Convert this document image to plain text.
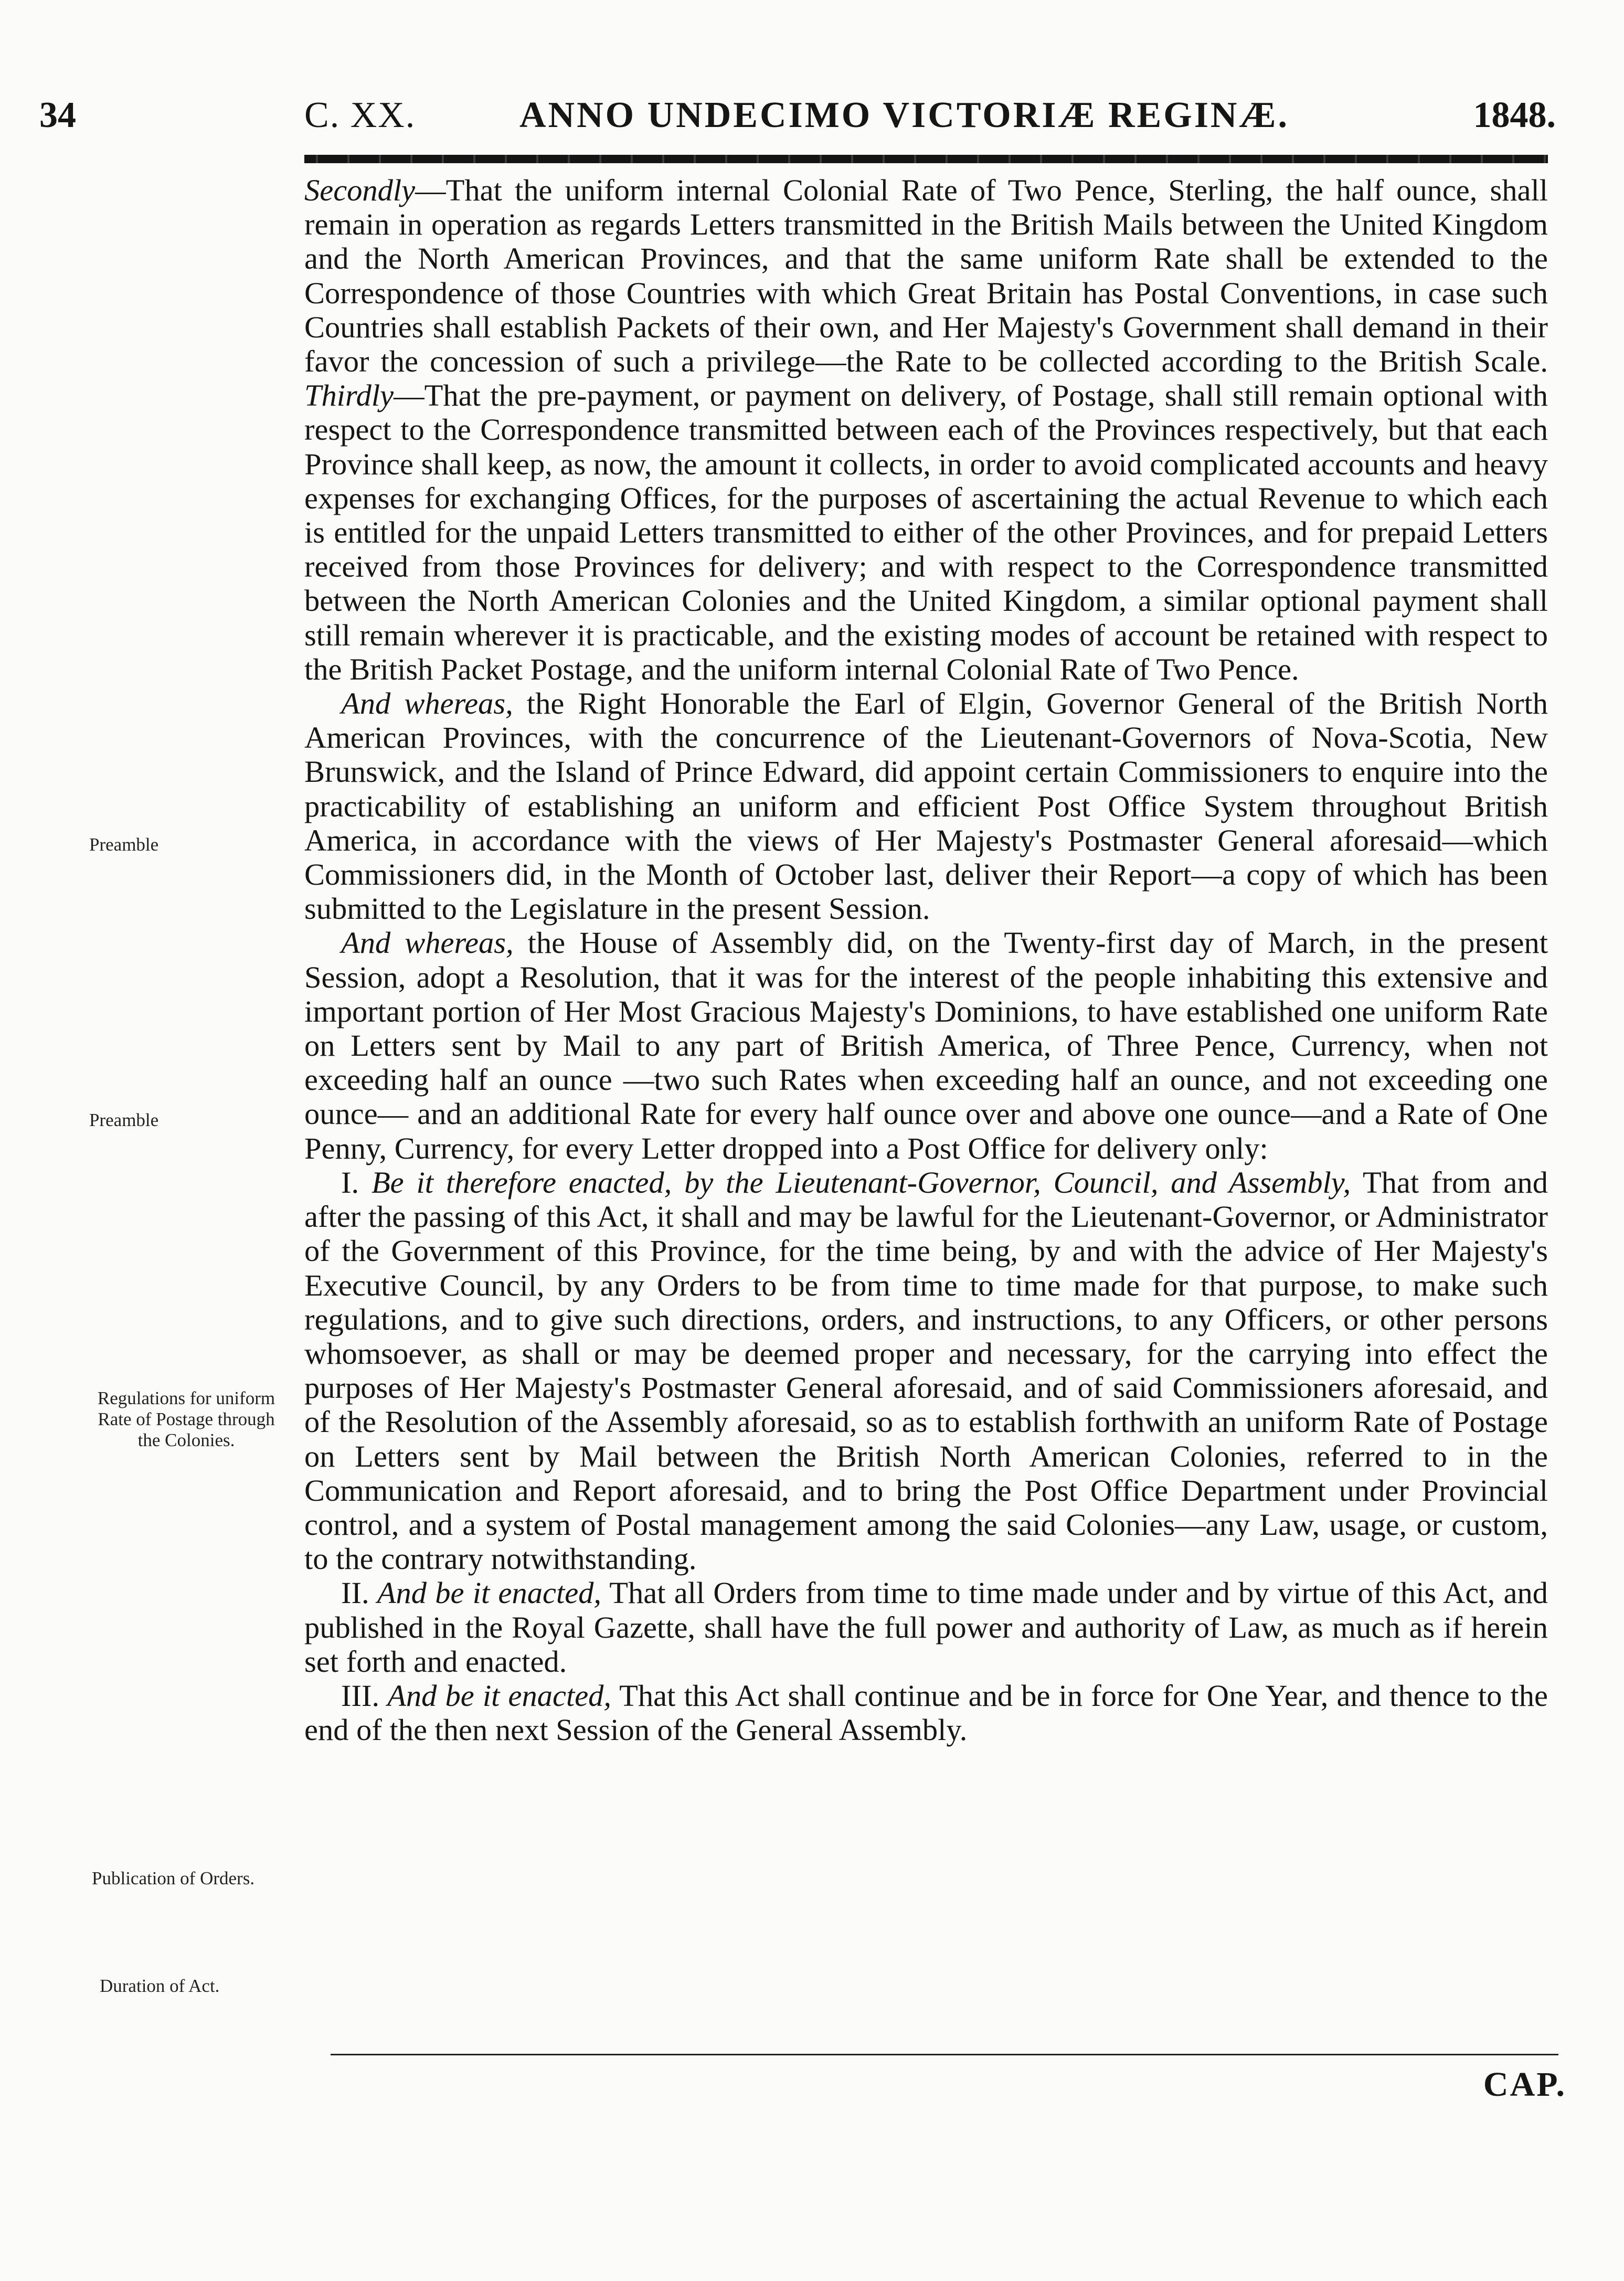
34	C. XX.	ANNO UNDECIMO VICTORIÆ REGINÆ.	1848.

Secondly—That the uniform internal Colonial Rate of Two Pence, Sterling, the half ounce, shall remain in operation as regards Letters transmitted in the British Mails between the United Kingdom and the North American Provinces, and that the same uniform Rate shall be extended to the Correspondence of those Countries with which Great Britain has Postal Conventions, in case such Countries shall establish Packets of their own, and Her Majesty's Government shall demand in their favor the concession of such a privilege—the Rate to be collected according to the British Scale. Thirdly—That the pre-payment, or payment on delivery, of Postage, shall still remain optional with respect to the Correspondence transmitted between each of the Provinces respectively, but that each Province shall keep, as now, the amount it collects, in order to avoid complicated accounts and heavy expenses for exchanging Offices, for the purposes of ascertaining the actual Revenue to which each is entitled for the unpaid Letters transmitted to either of the other Provinces, and for prepaid Letters received from those Provinces for delivery; and with respect to the Correspondence transmitted between the North American Colonies and the United Kingdom, a similar optional payment shall still remain wherever it is practicable, and the existing modes of account be retained with respect to the British Packet Postage, and the uniform internal Colonial Rate of Two Pence.

And whereas, the Right Honorable the Earl of Elgin, Governor General of the British North American Provinces, with the concurrence of the Lieutenant-Governors of Nova-Scotia, New Brunswick, and the Island of Prince Edward, did appoint certain Commissioners to enquire into the practicability of establishing an uniform and efficient Post Office System throughout British America, in accordance with the views of Her Majesty's Postmaster General aforesaid—which Commissioners did, in the Month of October last, deliver their Report—a copy of which has been submitted to the Legislature in the present Session.

And whereas, the House of Assembly did, on the Twenty-first day of March, in the present Session, adopt a Resolution, that it was for the interest of the people inhabiting this extensive and important portion of Her Most Gracious Majesty's Dominions, to have established one uniform Rate on Letters sent by Mail to any part of British America, of Three Pence, Currency, when not exceeding half an ounce —two such Rates when exceeding half an ounce, and not exceeding one ounce— and an additional Rate for every half ounce over and above one ounce—and a Rate of One Penny, Currency, for every Letter dropped into a Post Office for delivery only:

I. Be it therefore enacted, by the Lieutenant-Governor, Council, and Assembly, That from and after the passing of this Act, it shall and may be lawful for the Lieutenant-Governor, or Administrator of the Government of this Province, for the time being, by and with the advice of Her Majesty's Executive Council, by any Orders to be from time to time made for that purpose, to make such regulations, and to give such directions, orders, and instructions, to any Officers, or other persons whomsoever, as shall or may be deemed proper and necessary, for the carrying into effect the purposes of Her Majesty's Postmaster General aforesaid, and of said Commissioners aforesaid, and of the Resolution of the Assembly aforesaid, so as to establish forthwith an uniform Rate of Postage on Letters sent by Mail between the British North American Colonies, referred to in the Communication and Report aforesaid, and to bring the Post Office Department under Provincial control, and a system of Postal management among the said Colonies—any Law, usage, or custom, to the contrary notwithstanding.

II. And be it enacted, That all Orders from time to time made under and by virtue of this Act, and published in the Royal Gazette, shall have the full power and authority of Law, as much as if herein set forth and enacted.

III. And be it enacted, That this Act shall continue and be in force for One Year, and thence to the end of the then next Session of the General Assembly.

Preamble
Preamble
Regulations for uniform Rate of Postage through the Colonies.
Publication of Orders.
Duration of Act.
CAP.
